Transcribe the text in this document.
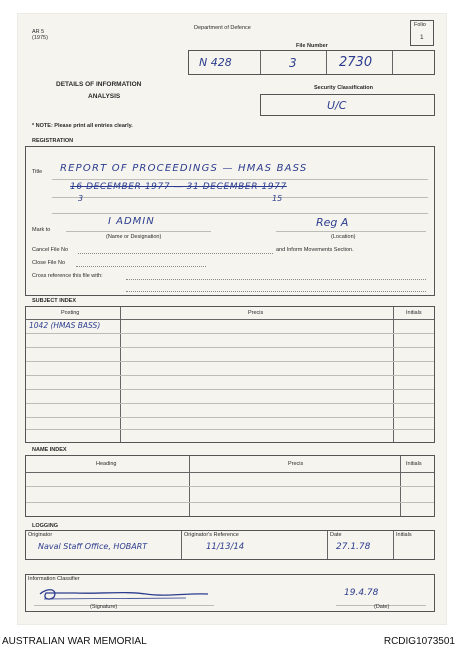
AR 5
(1975)
Department of Defence	Folio
1
File Number
N 428	3	2730
DETAILS OF INFORMATION
ANALYSIS
Security Classification
U/C
* NOTE: Please print all entries clearly.
REGISTRATION
Title REPORT OF PROCEEDINGS — HMAS BASS
16 DECEMBER 1977 — 31 DECEMBER 1977
3	15
Mark to
I ADMIN
(Name or Designation)
Reg A
(Location)
Cancel File No	and Inform Movements Section.
Close File No
Cross reference this file with:
SUBJECT INDEX
Posting	Precis	Initials
1042 (HMAS BASS)
NAME INDEX
Heading	Precis	Initials
LOGGING
Originator	Originator's Reference	Date	Initials
Naval Staff Office, HOBART	11/13/14	27.1.78
Information Classifier
(Signature)
19.4.78
(Date)
AUSTRALIAN WAR MEMORIAL	RCDIG1073501
